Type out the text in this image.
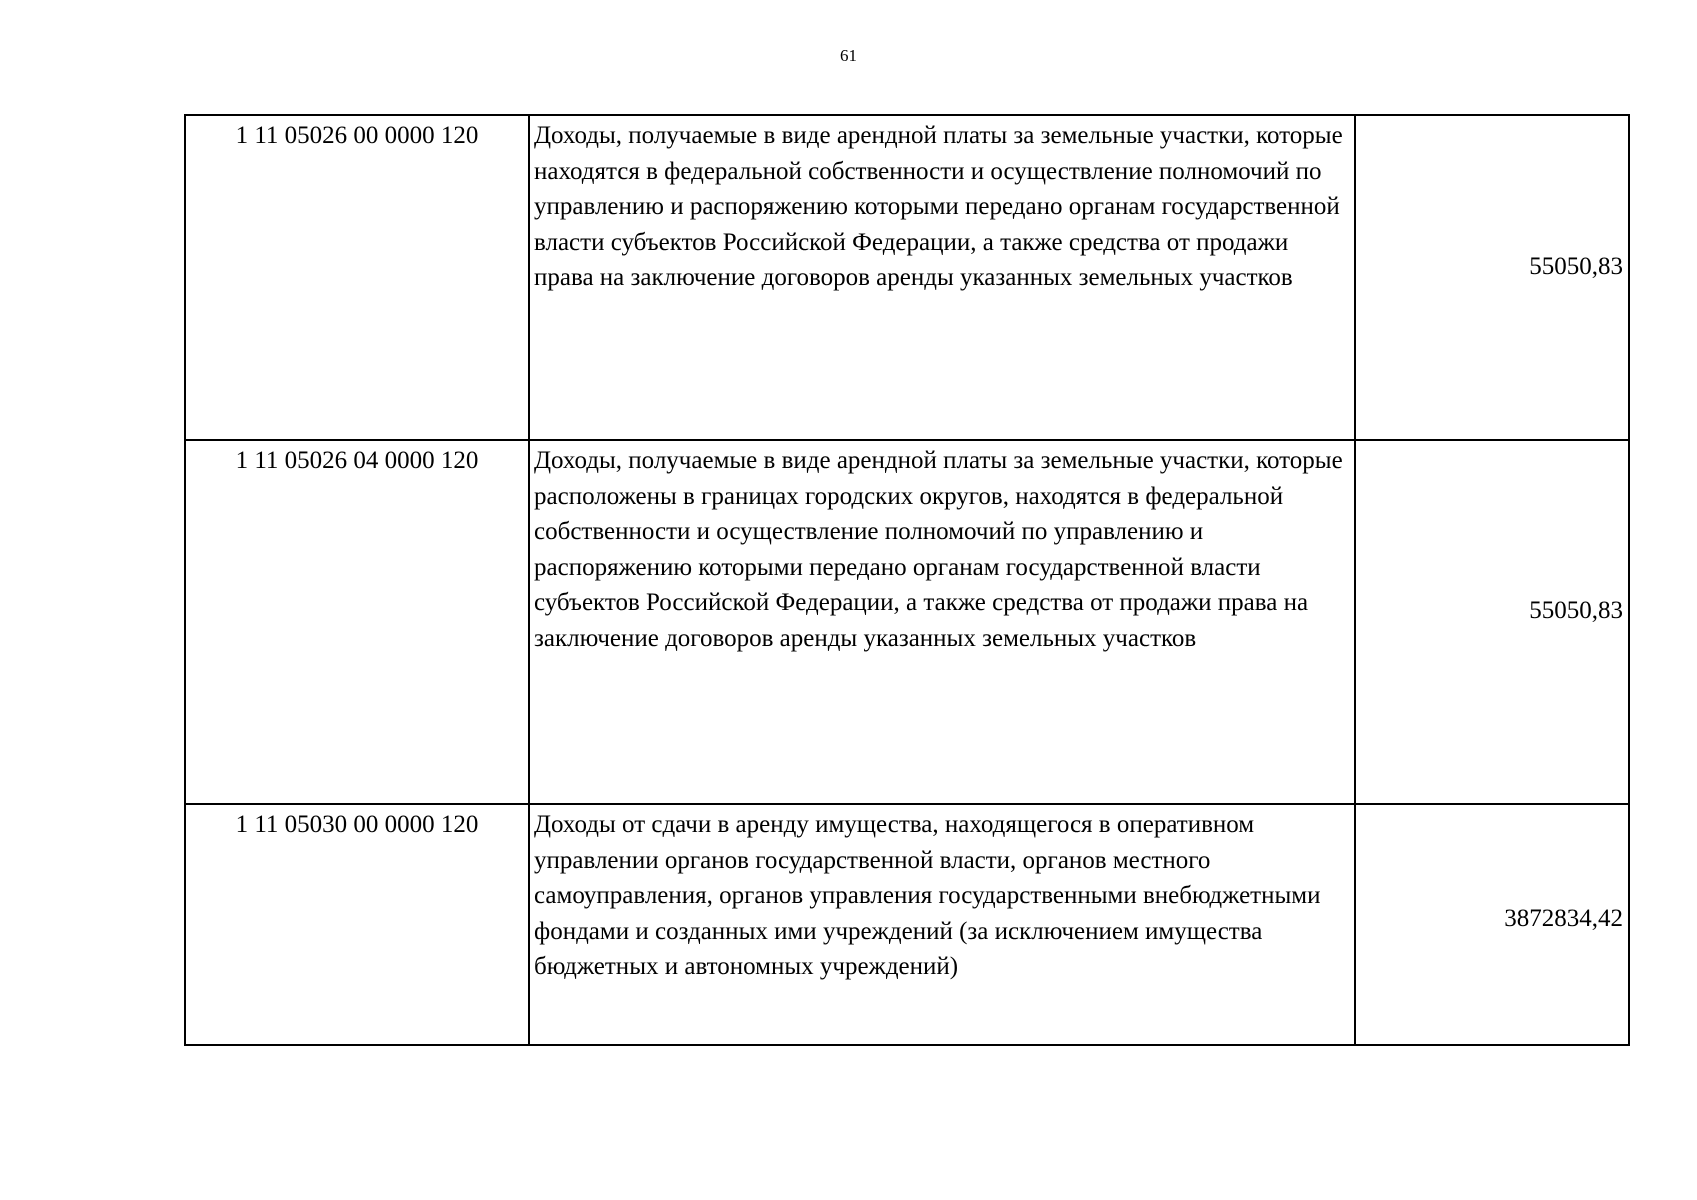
61
1 11 05026 00 0000 120	Доходы, получаемые в виде арендной платы за земельные участки, которые находятся в федеральной собственности и осуществление полномочий по управлению и распоряжению которыми передано органам государственной власти субъектов Российской Федерации, а также средства от продажи права на заключение договоров аренды указанных земельных участков	55050,83
1 11 05026 04 0000 120	Доходы, получаемые в виде арендной платы за земельные участки, которые расположены в границах городских округов, находятся в федеральной собственности и осуществление полномочий по управлению и распоряжению которыми передано органам государственной власти субъектов Российской Федерации, а также средства от продажи права на заключение договоров аренды указанных земельных участков	55050,83
1 11 05030 00 0000 120	Доходы от сдачи в аренду имущества, находящегося в оперативном управлении органов государственной власти, органов местного самоуправления, органов управления государственными внебюджетными фондами и созданных ими учреждений (за исключением имущества бюджетных и автономных учреждений)	3872834,42
